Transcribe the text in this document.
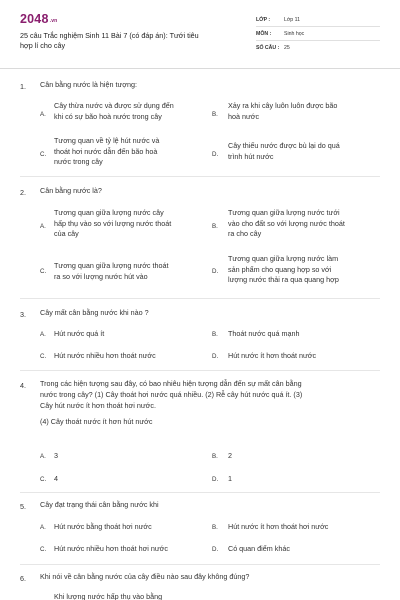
$2048^{.vn}$
25 câu Trắc nghiệm Sinh 11 Bài 7 (có đáp án): Tưới tiêu
hợp lí cho cây
LỚP :	Lớp 11
MÔN : Sinh học
SỐ CÂU : 25
1. Cân bằng nước là hiện tượng:
A.
Cây thừa nước và được sử dụng đến
khi có sự bão hoà nước trong cây	B.
Xảy ra khi cây luôn luôn được bão
hoà nước
C.
Tương quan về tỷ lệ hút nước và
thoát hơi nước dẫn đến bão hoà
nước trong cây
D.
Cây thiếu nước được bù lại do quá
trình hút nước
2. Cân bằng nước là?
A.
Tương quan giữa lượng nước cây
hấp thụ vào so với lượng nước thoát
của cây
B.
Tương quan giữa lượng nước tưới
vào cho đất so với lượng nước thoát
ra cho cây
C.
Tương quan giữa lượng nước thoát
ra so với lượng nước hút vào
D.
Tương quan giữa lượng nước làm
sản phẩm cho quang hợp so với
lượng nước thải ra qua quang hợp
3. Cây mất cân bằng nước khi nào ?
A. Hút nước quá ít	B. Thoát nước quá mạnh
C. Hút nước nhiều hơn thoát nước	D. Hút nước ít hơn thoát nước
4. Trong các hiện tượng sau đây, có bao nhiêu hiện tượng dẫn đến sự mất cân bằng
nước trong cây? (1) Cây thoát hơi nước quá nhiều. (2) Rễ cây hút nước quá ít. (3)
Cây hút nước ít hơn thoát hơi nước.
(4) Cây thoát nước ít hơn hút nước
A. 3	B. 2
C. 4	D. 1
5. Cây đạt trạng thái cân bằng nước khi
A. Hút nước bằng thoát hơi nước	B. Hút nước ít hơn thoát hơi nước
C. Hút nước nhiều hơn thoát hơi nước	D. Có quan điểm khác
6. Khi nói về cân bằng nước của cây điều nào sau đây không đúng?
Khi lượng nước hấp thụ vào bằng
